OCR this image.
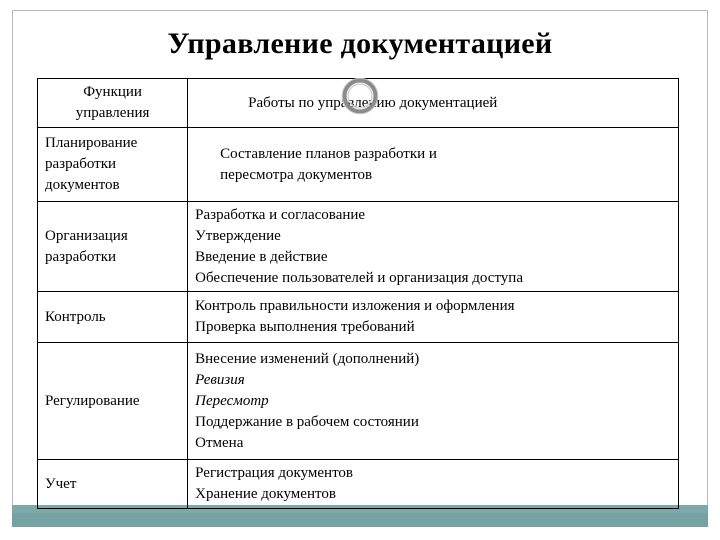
Управление документацией
Функции
управления	Работы по управлению документацией

Планирование
разработки
документов	Составление планов разработки и
пересмотра документов

Организация
разработки	Разработка и согласование
Утверждение
Введение в действие
Обеспечение пользователей и организация доступа

Контроль	Контроль правильности изложения и оформления
Проверка выполнения требований

Регулирование	Внесение изменений (дополнений)
Ревизия
Пересмотр
Поддержание в рабочем состоянии
Отмена

Учет	Регистрация документов
Хранение документов
